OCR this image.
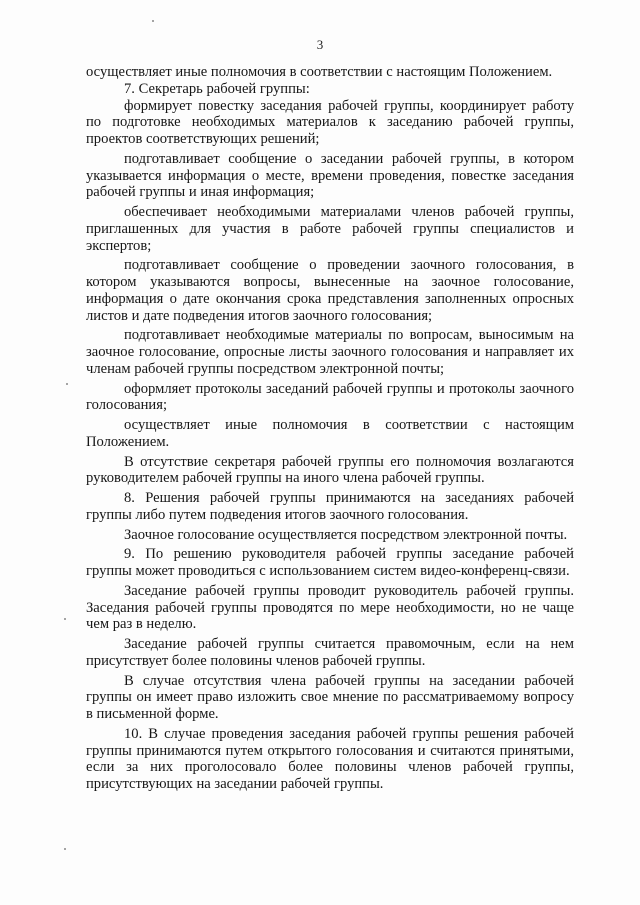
3

осуществляет иные полномочия в соответствии с настоящим Положением.

7. Секретарь рабочей группы:

формирует повестку заседания рабочей группы, координирует работу по подготовке необходимых материалов к заседанию рабочей группы, проектов соответствующих решений;

подготавливает сообщение о заседании рабочей группы, в котором указывается информация о месте, времени проведения, повестке заседания рабочей группы и иная информация;

обеспечивает необходимыми материалами членов рабочей группы, приглашенных для участия в работе рабочей группы специалистов и экспертов;

подготавливает сообщение о проведении заочного голосования, в котором указываются вопросы, вынесенные на заочное голосование, информация о дате окончания срока представления заполненных опросных листов и дате подведения итогов заочного голосования;

подготавливает необходимые материалы по вопросам, выносимым на заочное голосование, опросные листы заочного голосования и направляет их членам рабочей группы посредством электронной почты;

оформляет протоколы заседаний рабочей группы и протоколы заочного голосования;

осуществляет иные полномочия в соответствии с настоящим Положением.

В отсутствие секретаря рабочей группы его полномочия возлагаются руководителем рабочей группы на иного члена рабочей группы.

8. Решения рабочей группы принимаются на заседаниях рабочей группы либо путем подведения итогов заочного голосования.

Заочное голосование осуществляется посредством электронной почты.

9. По решению руководителя рабочей группы заседание рабочей группы может проводиться с использованием систем видео-конференц-связи.

Заседание рабочей группы проводит руководитель рабочей группы. Заседания рабочей группы проводятся по мере необходимости, но не чаще чем раз в неделю.

Заседание рабочей группы считается правомочным, если на нем присутствует более половины членов рабочей группы.

В случае отсутствия члена рабочей группы на заседании рабочей группы он имеет право изложить свое мнение по рассматриваемому вопросу в письменной форме.

10. В случае проведения заседания рабочей группы решения рабочей группы принимаются путем открытого голосования и считаются принятыми, если за них проголосовало более половины членов рабочей группы, присутствующих на заседании рабочей группы.
